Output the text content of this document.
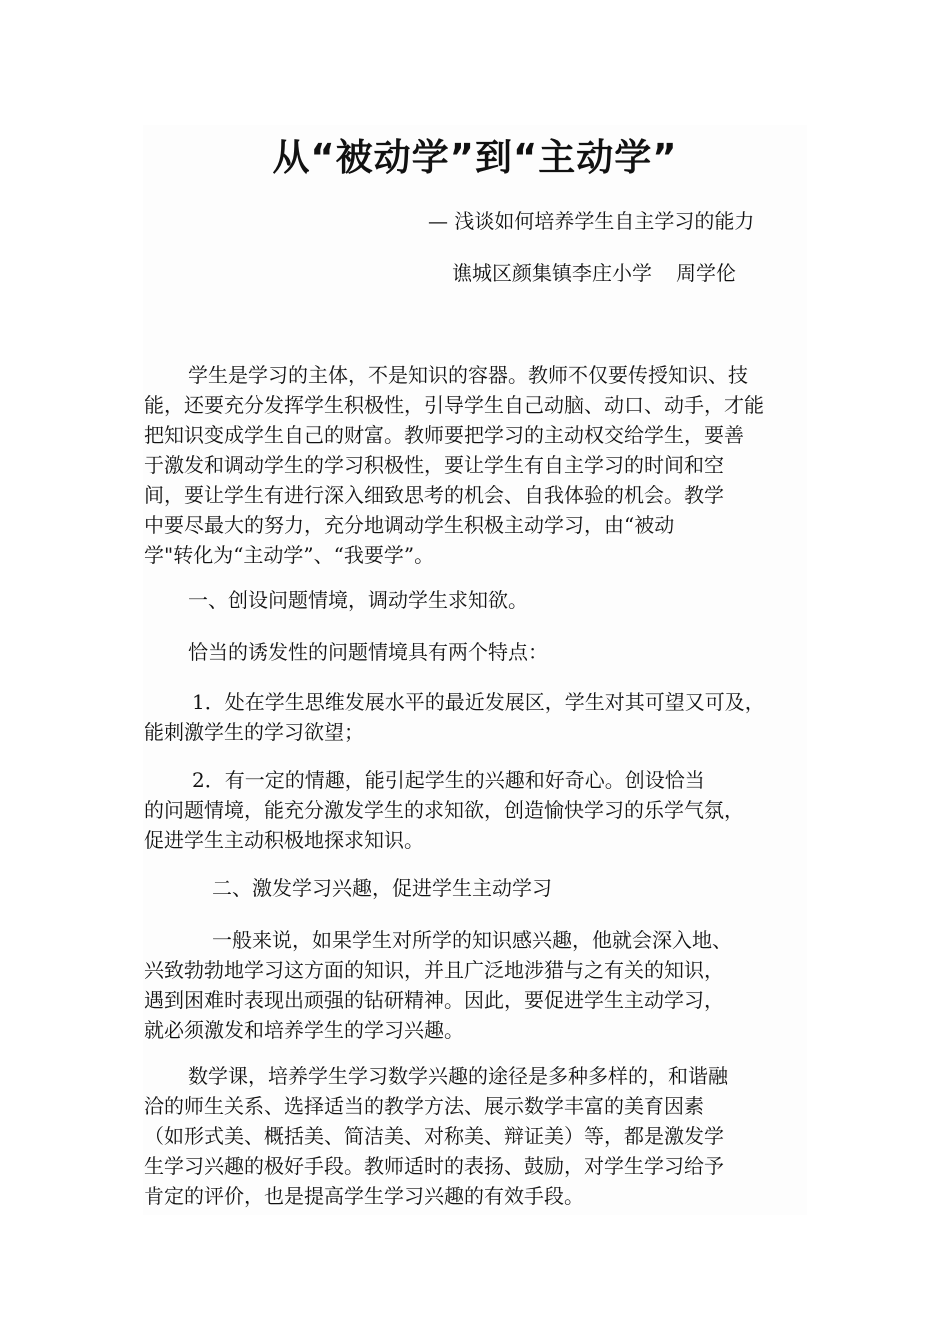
从“被动学”到“主动学”

— 浅谈如何培养学生自主学习的能力

谯城区颜集镇李庄小学 周学伦

学生是学习的主体，不是知识的容器。教师不仅要传授知识、技
能，还要充分发挥学生积极性，引导学生自己动脑、动口、动手，才能
把知识变成学生自己的财富。教师要把学习的主动权交给学生，要善
于激发和调动学生的学习积极性，要让学生有自主学习的时间和空
间，要让学生有进行深入细致思考的机会、自我体验的机会。教学
中要尽最大的努力，充分地调动学生积极主动学习，由“被动
学"转化为“主动学”、“我要学”。
一、创设问题情境，调动学生求知欲。
恰当的诱发性的问题情境具有两个特点：
1．处在学生思维发展水平的最近发展区，学生对其可望又可及，
能刺激学生的学习欲望；
2．有一定的情趣，能引起学生的兴趣和好奇心。创设恰当
的问题情境，能充分激发学生的求知欲，创造愉快学习的乐学气氛，
促进学生主动积极地探求知识。
二、激发学习兴趣，促进学生主动学习
一般来说，如果学生对所学的知识感兴趣，他就会深入地、
兴致勃勃地学习这方面的知识，并且广泛地涉猎与之有关的知识，
遇到困难时表现出顽强的钻研精神。因此，要促进学生主动学习，
就必须激发和培养学生的学习兴趣。
数学课，培养学生学习数学兴趣的途径是多种多样的，和谐融
洽的师生关系、选择适当的教学方法、展示数学丰富的美育因素
（如形式美、概括美、简洁美、对称美、辩证美）等，都是激发学
生学习兴趣的极好手段。教师适时的表扬、鼓励，对学生学习给予
肯定的评价，也是提高学生学习兴趣的有效手段。
